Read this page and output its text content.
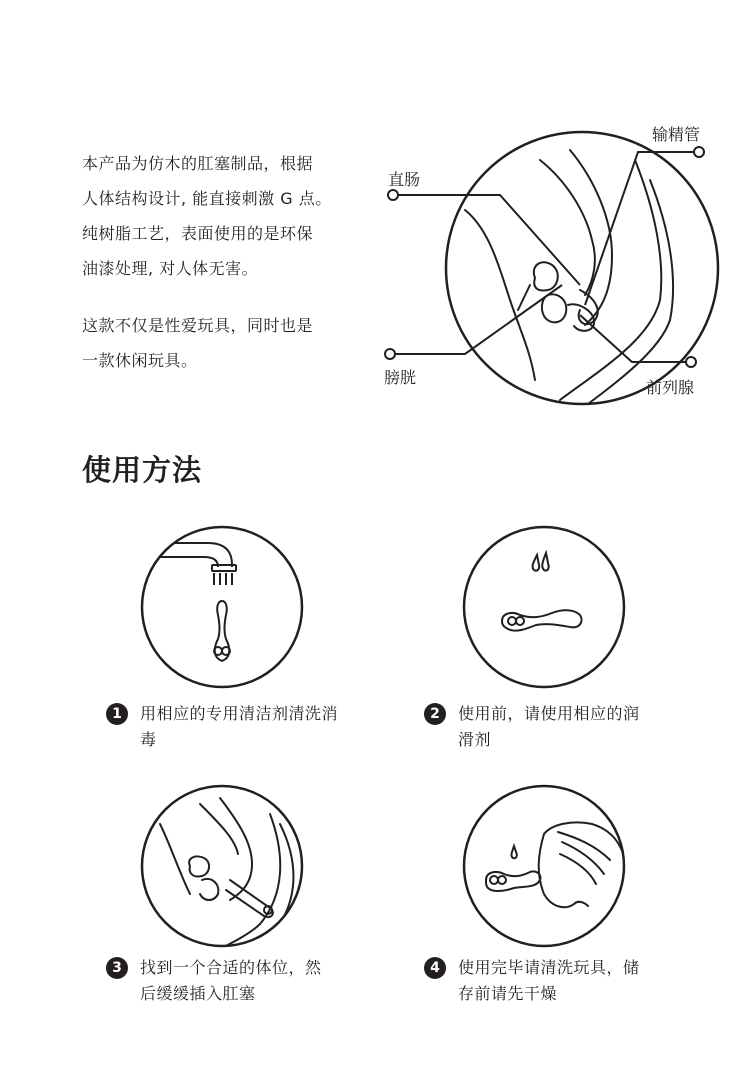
本产品为仿木的肛塞制品，根据

人体结构设计, 能直接刺激 G 点。

纯树脂工艺，表面使用的是环保

油漆处理, 对人体无害。

这款不仅是性爱玩具，同时也是

一款休闲玩具。

输精管
直肠
膀胱
前列腺
使用方法
1	用相应的专用清洁剂清洗消
毒
2	使用前，请使用相应的润
滑剂
3	找到一个合适的体位，然
后缓缓插入肛塞
4	使用完毕请清洗玩具，储
存前请先干燥
